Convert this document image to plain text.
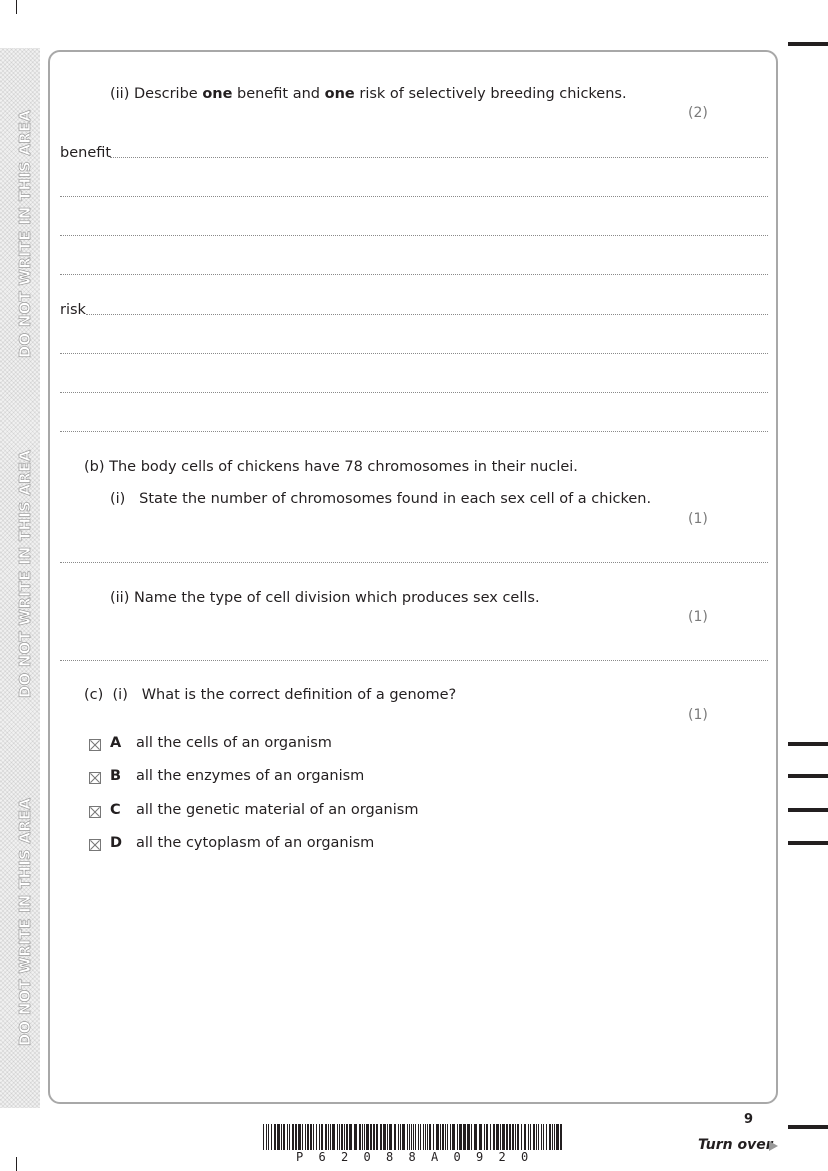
DO NOT WRITE IN THIS AREA
DO NOT WRITE IN THIS AREA
DO NOT WRITE IN THIS AREA
(ii) Describe one benefit and one risk of selectively breeding chickens.
(2)
benefit
risk
(b) The body cells of chickens have 78 chromosomes in their nuclei.
(i) State the number of chromosomes found in each sex cell of a chicken.
(1)
(ii) Name the type of cell division which produces sex cells.
(1)
(c) (i) What is the correct definition of a genome?
(1)
A all the cells of an organism
B all the enzymes of an organism
C all the genetic material of an organism
D all the cytoplasm of an organism
9
Turn over
P 6 2 0 8 8 A 0 9 2 0
